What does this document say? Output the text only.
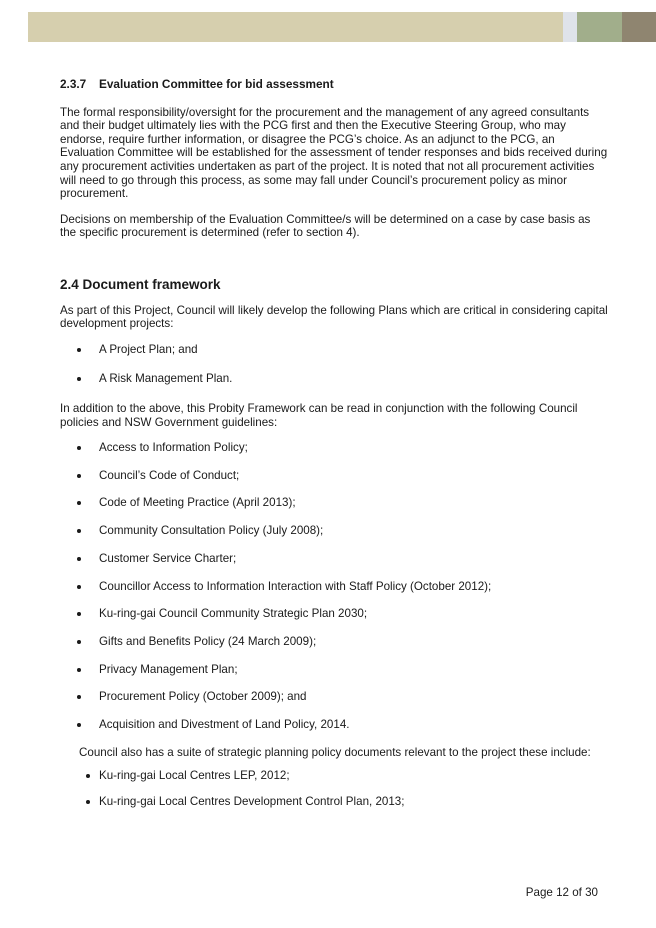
2.3.7 Evaluation Committee for bid assessment

The formal responsibility/oversight for the procurement and the management of any agreed consultants and their budget ultimately lies with the PCG first and then the Executive Steering Group, who may endorse, require further information, or disagree the PCG’s choice. As an adjunct to the PCG, an Evaluation Committee will be established for the assessment of tender responses and bids received during any procurement activities undertaken as part of the project. It is noted that not all procurement activities will need to go through this process, as some may fall under Council’s procurement policy as minor procurement.

Decisions on membership of the Evaluation Committee/s will be determined on a case by case basis as the specific procurement is determined (refer to section 4).

2.4 Document framework

As part of this Project, Council will likely develop the following Plans which are critical in considering capital development projects:

A Project Plan; and
A Risk Management Plan.

In addition to the above, this Probity Framework can be read in conjunction with the following Council policies and NSW Government guidelines:

Access to Information Policy;
Council’s Code of Conduct;
Code of Meeting Practice (April 2013);
Community Consultation Policy (July 2008);
Customer Service Charter;
Councillor Access to Information Interaction with Staff Policy (October 2012);
Ku-ring-gai Council Community Strategic Plan 2030;
Gifts and Benefits Policy (24 March 2009);
Privacy Management Plan;
Procurement Policy (October 2009); and
Acquisition and Divestment of Land Policy, 2014.

Council also has a suite of strategic planning policy documents relevant to the project these include:

Ku-ring-gai Local Centres LEP, 2012;
Ku-ring-gai Local Centres Development Control Plan, 2013;
Page 12 of 30
